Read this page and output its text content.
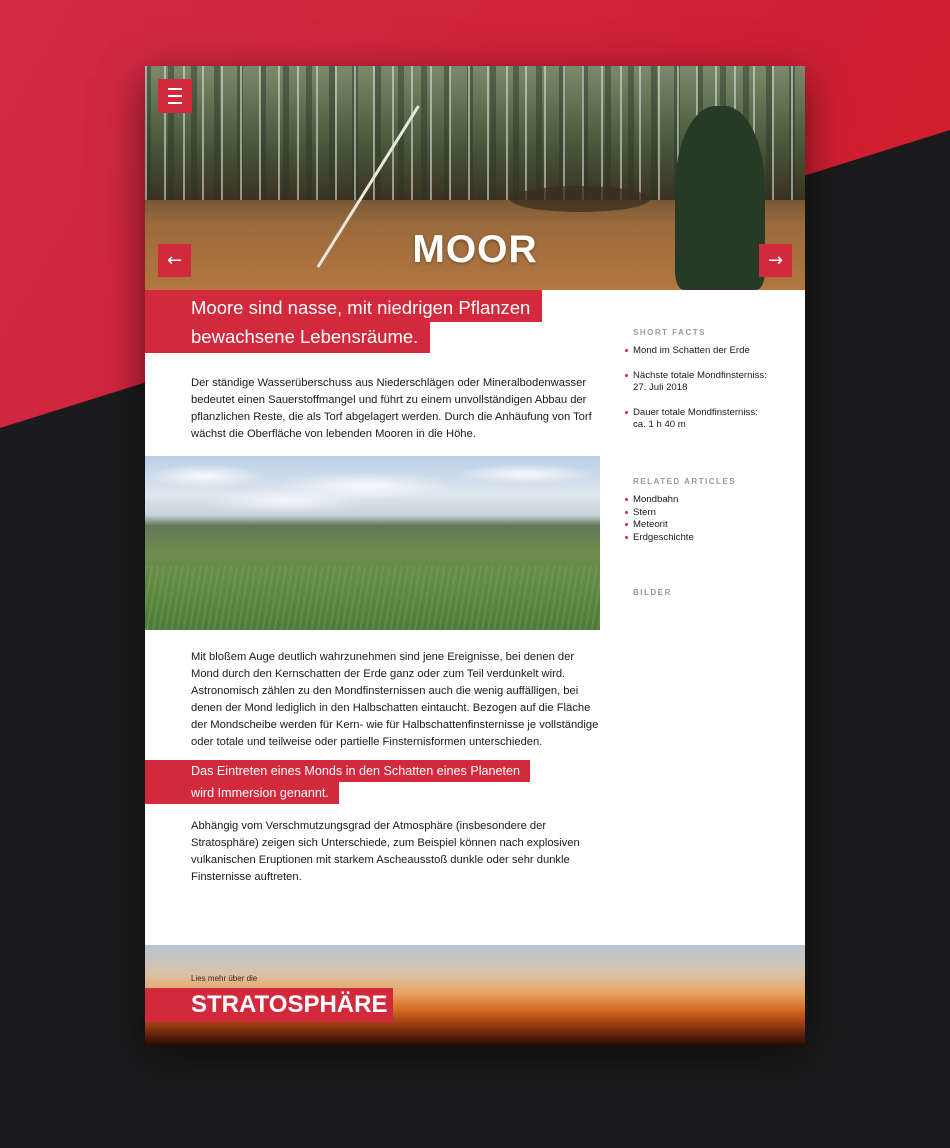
←	→
MOOR
Moore sind nasse, mit niedrigen Pflanzen
bewachsene Lebensräume.

Der ständige Wasserüberschuss aus Niederschlägen oder Mineralbodenwasser bedeutet einen Sauerstoffmangel und führt zu einem unvollständigen Abbau der pflanzlichen Reste, die als Torf abgelagert werden. Durch die Anhäufung von Torf wächst die Oberfläche von lebenden Mooren in die Höhe.

Mit bloßem Auge deutlich wahrzunehmen sind jene Ereignisse, bei denen der Mond durch den Kernschatten der Erde ganz oder zum Teil verdunkelt wird. Astronomisch zählen zu den Mondfinsternissen auch die wenig auffälligen, bei denen der Mond lediglich in den Halbschatten eintaucht. Bezogen auf die Fläche der Mondscheibe werden für Kern- wie für Halbschattenfinsternisse je vollständige oder totale und teilweise oder partielle Finsternisformen unterschieden.

Das Eintreten eines Monds in den Schatten eines Planeten
wird Immersion genannt.

Abhängig vom Verschmutzungsgrad der Atmosphäre (insbesondere der Stratosphäre) zeigen sich Unterschiede, zum Beispiel können nach explosiven vulkanischen Eruptionen mit starkem Ascheausstoß dunkle oder sehr dunkle Finsternisse auftreten.

SHORT FACTS
Mond im Schatten der Erde
Nächste totale Mondfinsterniss: 27. Juli 2018
Dauer totale Mondfinsterniss: ca. 1 h 40 m
RELATED ARTICLES
Mondbahn
Stern
Meteorit
Erdgeschichte
BILDER
Lies mehr über die
STRATOSPHÄRE
